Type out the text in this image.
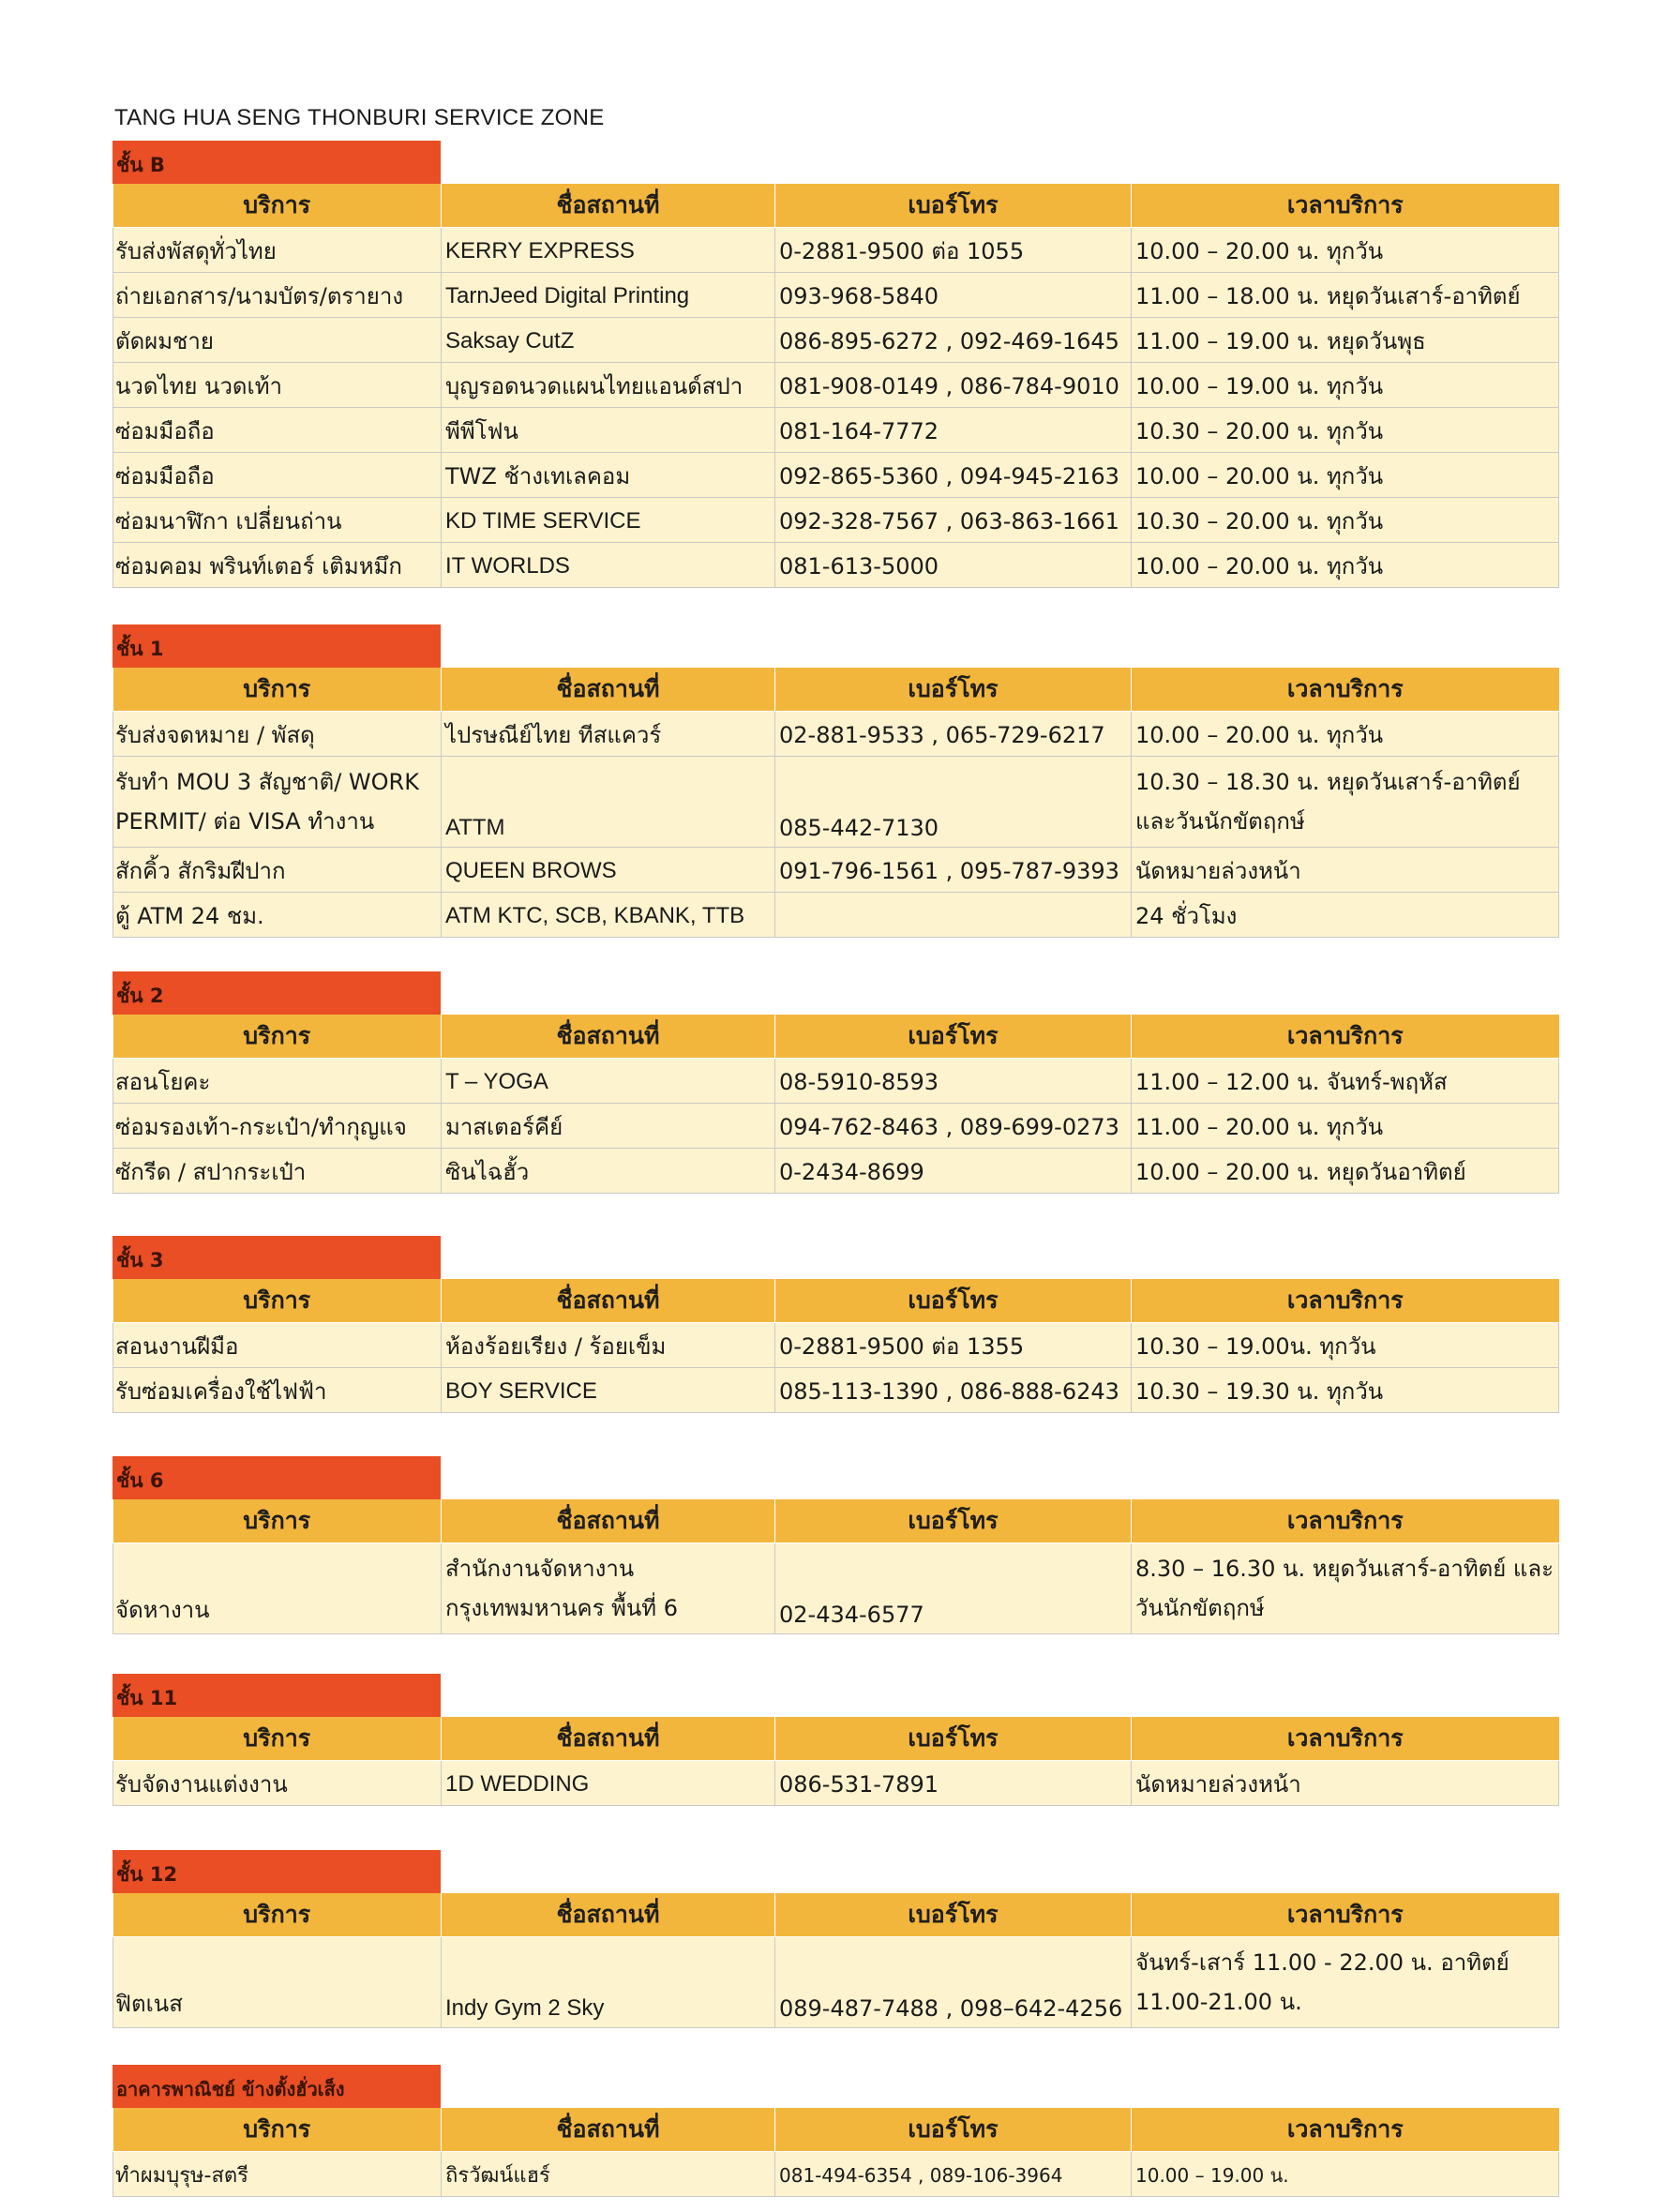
TANG HUA SENG THONBURI SERVICE ZONE
ชั้น B
บริการ	ชื่อสถานที่	เบอร์โทร	เวลาบริการ
รับส่งพัสดุทั่วไทย	KERRY EXPRESS	0-2881-9500 ต่อ 1055	10.00 – 20.00 น. ทุกวัน
ถ่ายเอกสาร/นามบัตร/ตรายาง	TarnJeed Digital Printing	093-968-5840	11.00 – 18.00 น. หยุดวันเสาร์-อาทิตย์
ตัดผมชาย	Saksay CutZ	086-895-6272 , 092-469-1645	11.00 – 19.00 น. หยุดวันพุธ
นวดไทย นวดเท้า	บุญรอดนวดแผนไทยแอนด์สปา	081-908-0149 , 086-784-9010	10.00 – 19.00 น. ทุกวัน
ซ่อมมือถือ	พีพีโฟน	081-164-7772	10.30 – 20.00 น. ทุกวัน
ซ่อมมือถือ	TWZ ช้างเทเลคอม	092-865-5360 , 094-945-2163	10.00 – 20.00 น. ทุกวัน
ซ่อมนาฬิกา เปลี่ยนถ่าน	KD TIME SERVICE	092-328-7567 , 063-863-1661	10.30 – 20.00 น. ทุกวัน
ซ่อมคอม พรินท์เตอร์ เติมหมึก	IT WORLDS	081-613-5000	10.00 – 20.00 น. ทุกวัน
ชั้น 1
บริการ	ชื่อสถานที่	เบอร์โทร	เวลาบริการ
รับส่งจดหมาย / พัสดุ	ไปรษณีย์ไทย ทีสแควร์	02-881-9533 , 065-729-6217	10.00 – 20.00 น. ทุกวัน
รับทำ MOU 3 สัญชาติ/ WORK PERMIT/ ต่อ VISA ทำงาน	ATTM	085-442-7130	10.30 – 18.30 น. หยุดวันเสาร์-อาทิตย์ และวันนักขัตฤกษ์
สักคิ้ว สักริมฝีปาก	QUEEN BROWS	091-796-1561 , 095-787-9393	นัดหมายล่วงหน้า
ตู้ ATM 24 ชม.	ATM KTC, SCB, KBANK, TTB		24 ชั่วโมง
ชั้น 2
บริการ	ชื่อสถานที่	เบอร์โทร	เวลาบริการ
สอนโยคะ	T – YOGA	08-5910-8593	11.00 – 12.00 น. จันทร์-พฤหัส
ซ่อมรองเท้า-กระเป๋า/ทำกุญแจ	มาสเตอร์คีย์	094-762-8463 , 089-699-0273	11.00 – 20.00 น. ทุกวัน
ซักรีด / สปากระเป๋า	ซินไฉฮั้ว	0-2434-8699	10.00 – 20.00 น. หยุดวันอาทิตย์
ชั้น 3
บริการ	ชื่อสถานที่	เบอร์โทร	เวลาบริการ
สอนงานฝีมือ	ห้องร้อยเรียง / ร้อยเข็ม	0-2881-9500 ต่อ 1355	10.30 – 19.00น. ทุกวัน
รับซ่อมเครื่องใช้ไฟฟ้า	BOY SERVICE	085-113-1390 , 086-888-6243	10.30 – 19.30 น. ทุกวัน
ชั้น 6
บริการ	ชื่อสถานที่	เบอร์โทร	เวลาบริการ
จัดหางาน	สำนักงานจัดหางาน กรุงเทพมหานคร พื้นที่ 6	02-434-6577	8.30 – 16.30 น. หยุดวันเสาร์-อาทิตย์ และ วันนักขัตฤกษ์
ชั้น 11
บริการ	ชื่อสถานที่	เบอร์โทร	เวลาบริการ
รับจัดงานแต่งงาน	1D WEDDING	086-531-7891	นัดหมายล่วงหน้า
ชั้น 12
บริการ	ชื่อสถานที่	เบอร์โทร	เวลาบริการ
ฟิตเนส	Indy Gym 2 Sky	089-487-7488 , 098–642-4256	จันทร์-เสาร์ 11.00 - 22.00 น. อาทิตย์ 11.00-21.00 น.
อาคารพาณิชย์ ข้างตั้งฮั่วเส็ง
บริการ	ชื่อสถานที่	เบอร์โทร	เวลาบริการ
ทำผมบุรุษ-สตรี	ถิรวัฒน์แฮร์	081-494-6354 , 089-106-3964	10.00 – 19.00 น.
